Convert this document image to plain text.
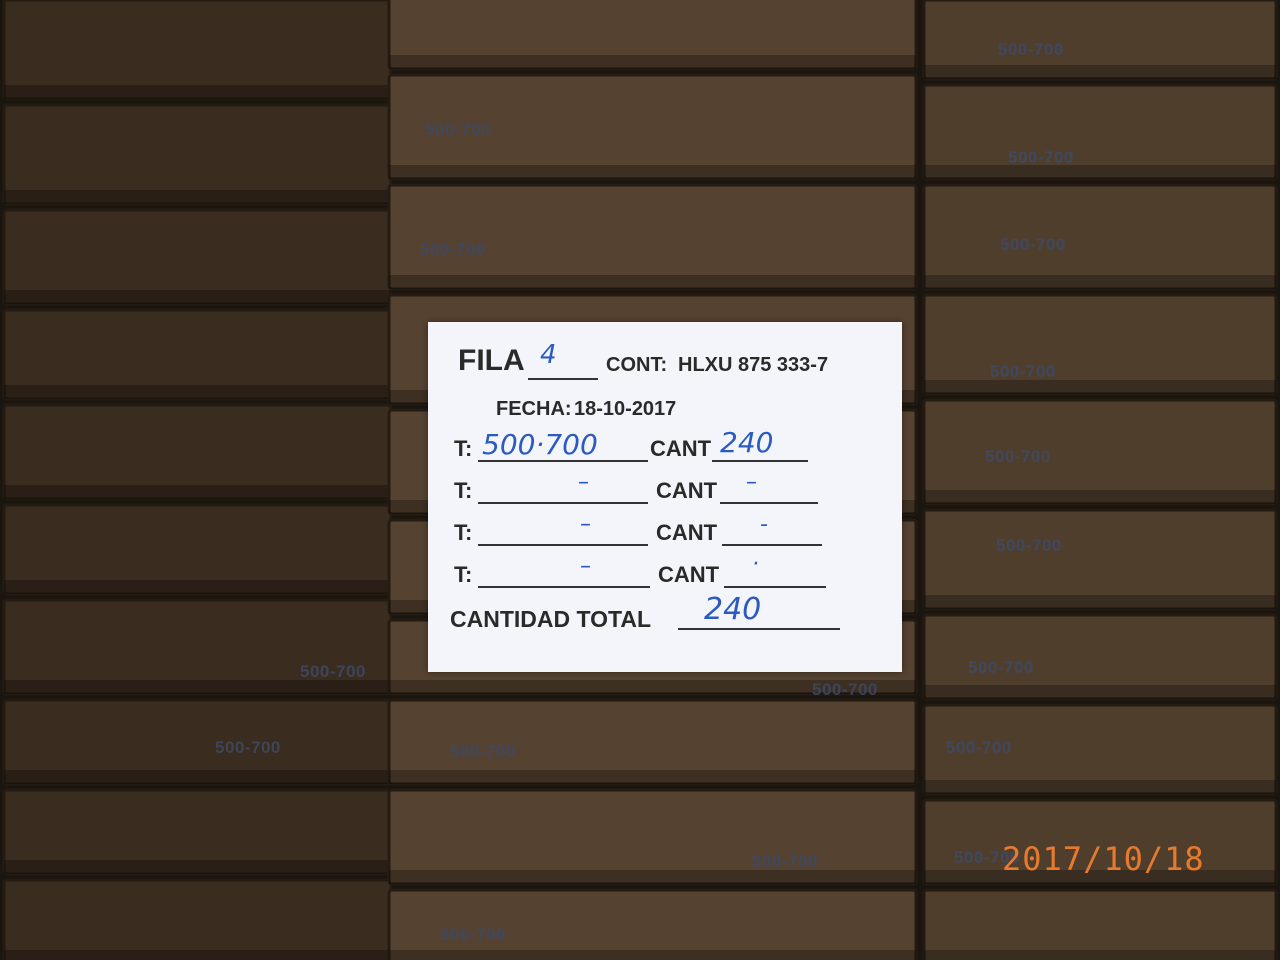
500-700
500-700
500-700
500-700
500-700
500-700
500-700
500-700
500-700
500-700
500-700
500-700
500-700
500-700
500-700
500-700
500-700
FILA 4 CONT: HLXU 875 333-7
FECHA: 18-10-2017
T: 500·700 CANT 240
T:	–	CANT –
T:	–	CANT -
T:	–	CANT ·
CANTIDAD TOTAL 240
2017/10/18
